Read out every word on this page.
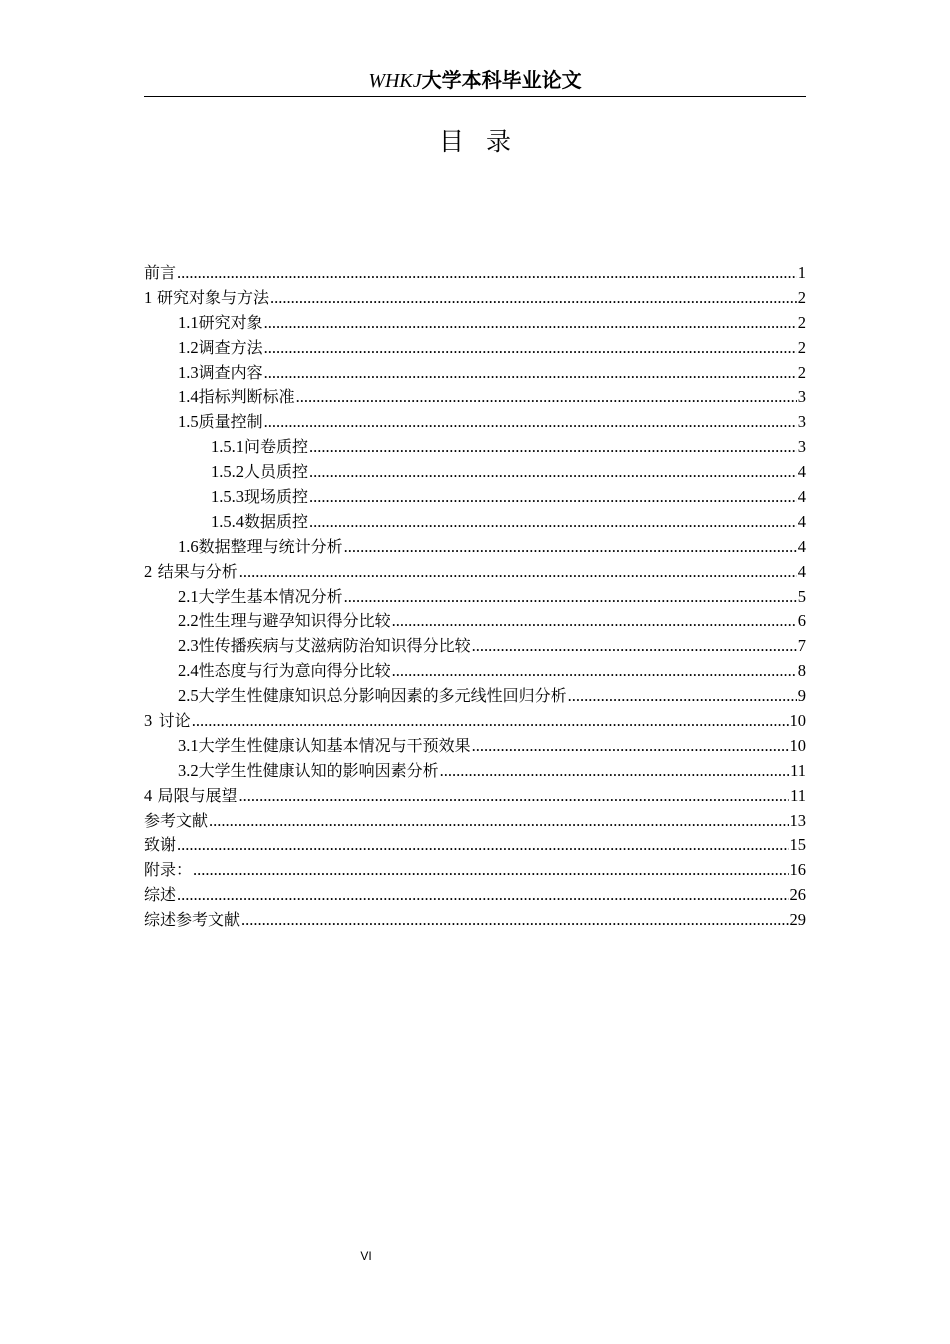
WHKJ大学本科毕业论文
目录
前言 .....	1
1 研究对象与方法 .....	2
1.1 研究对象 .....	2
1.2 调查方法 .....	2
1.3 调查内容 .....	2
1.4 指标判断标准 .....	3
1.5 质量控制 .....	3
1.5.1 问卷质控 .....	3
1.5.2 人员质控 .....	4
1.5.3 现场质控 .....	4
1.5.4 数据质控 .....	4
1.6 数据整理与统计分析 .....	4
2 结果与分析 .....	4
2.1 大学生基本情况分析 .....	5
2.2 性生理与避孕知识得分比较 .....	6
2.3 性传播疾病与艾滋病防治知识得分比较 .....	7
2.4 性态度与行为意向得分比较 .....	8
2.5 大学生性健康知识总分影响因素的多元线性回归分析 .....	9
3 讨论 .....	10
3.1 大学生性健康认知基本情况与干预效果 .....	10
3.2 大学生性健康认知的影响因素分析 .....	11
4 局限与展望 .....	11
参考文献 .....	13
致谢 .....	15
附录： .....	16
综述 .....	26
综述参考文献 .....	29
VI
